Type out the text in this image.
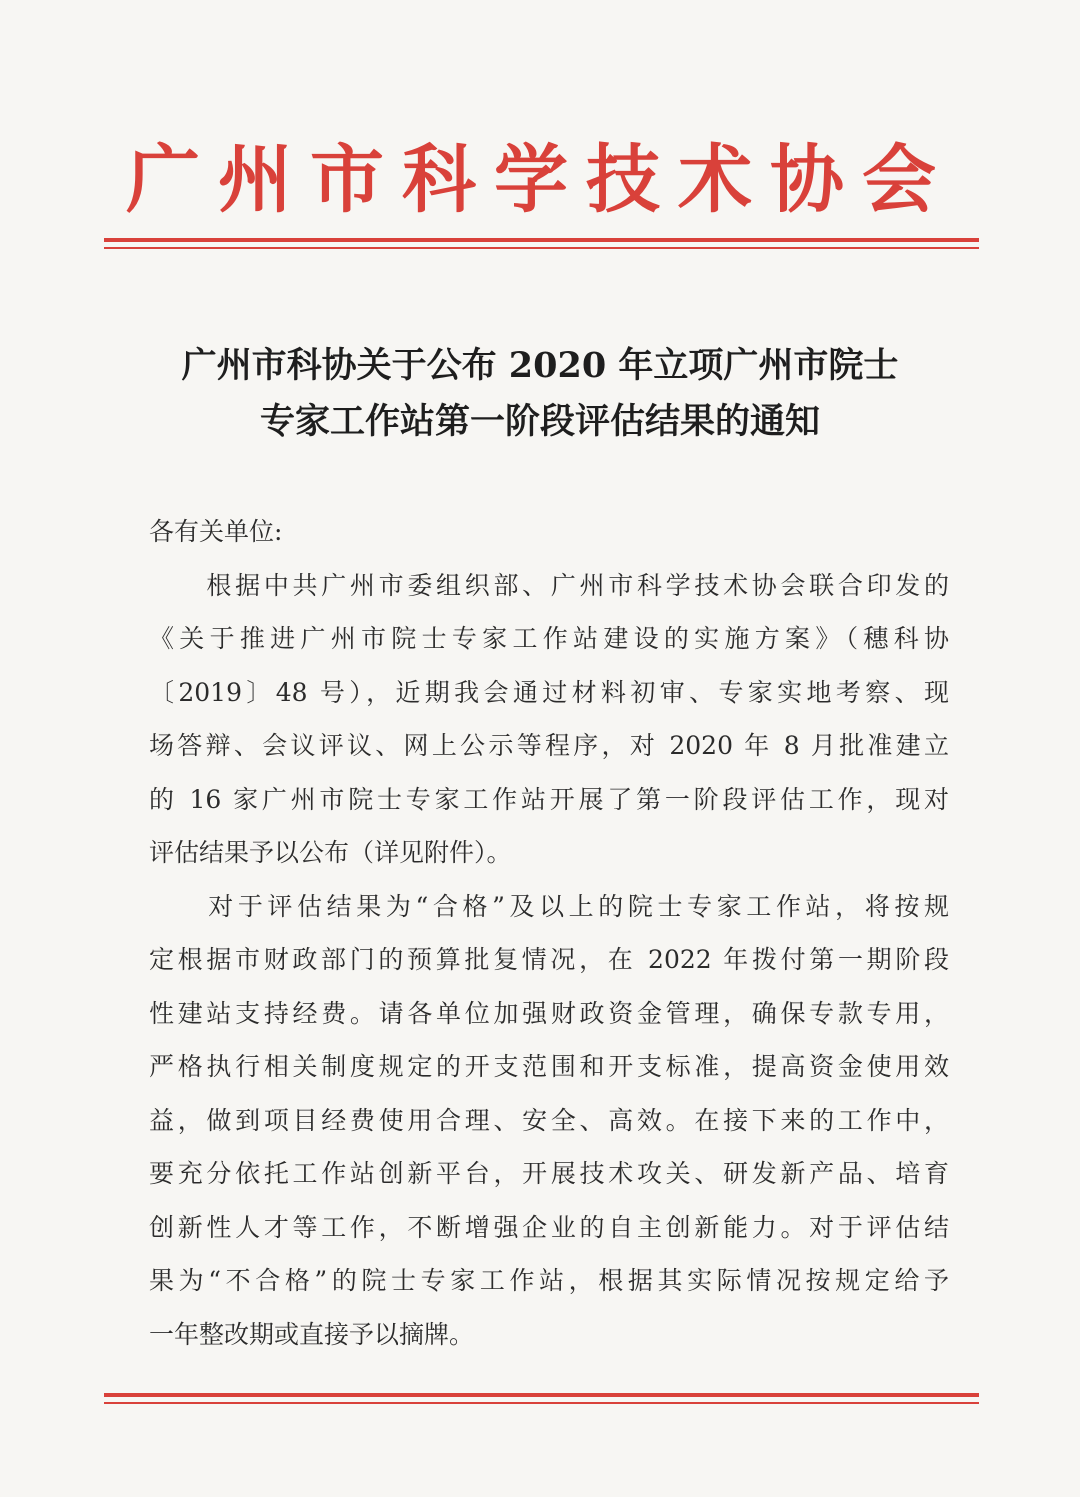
广州市科学技术协会
广州市科协关于公布 2020 年立项广州市院士
专家工作站第一阶段评估结果的通知
各有关单位:
　　根据中共广州市委组织部、广州市科学技术协会联合印发的
《关于推进广州市院士专家工作站建设的实施方案》（穗科协
〔2019〕48 号），近期我会通过材料初审、专家实地考察、现
场答辩、会议评议、网上公示等程序，对 2020 年 8 月批准建立
的 16 家广州市院士专家工作站开展了第一阶段评估工作，现对
评估结果予以公布（详见附件）。
　　对于评估结果为“合格”及以上的院士专家工作站，将按规
定根据市财政部门的预算批复情况，在 2022 年拨付第一期阶段
性建站支持经费。请各单位加强财政资金管理，确保专款专用，
严格执行相关制度规定的开支范围和开支标准，提高资金使用效
益，做到项目经费使用合理、安全、高效。在接下来的工作中，
要充分依托工作站创新平台，开展技术攻关、研发新产品、培育
创新性人才等工作，不断增强企业的自主创新能力。对于评估结
果为“不合格”的院士专家工作站，根据其实际情况按规定给予
一年整改期或直接予以摘牌。
